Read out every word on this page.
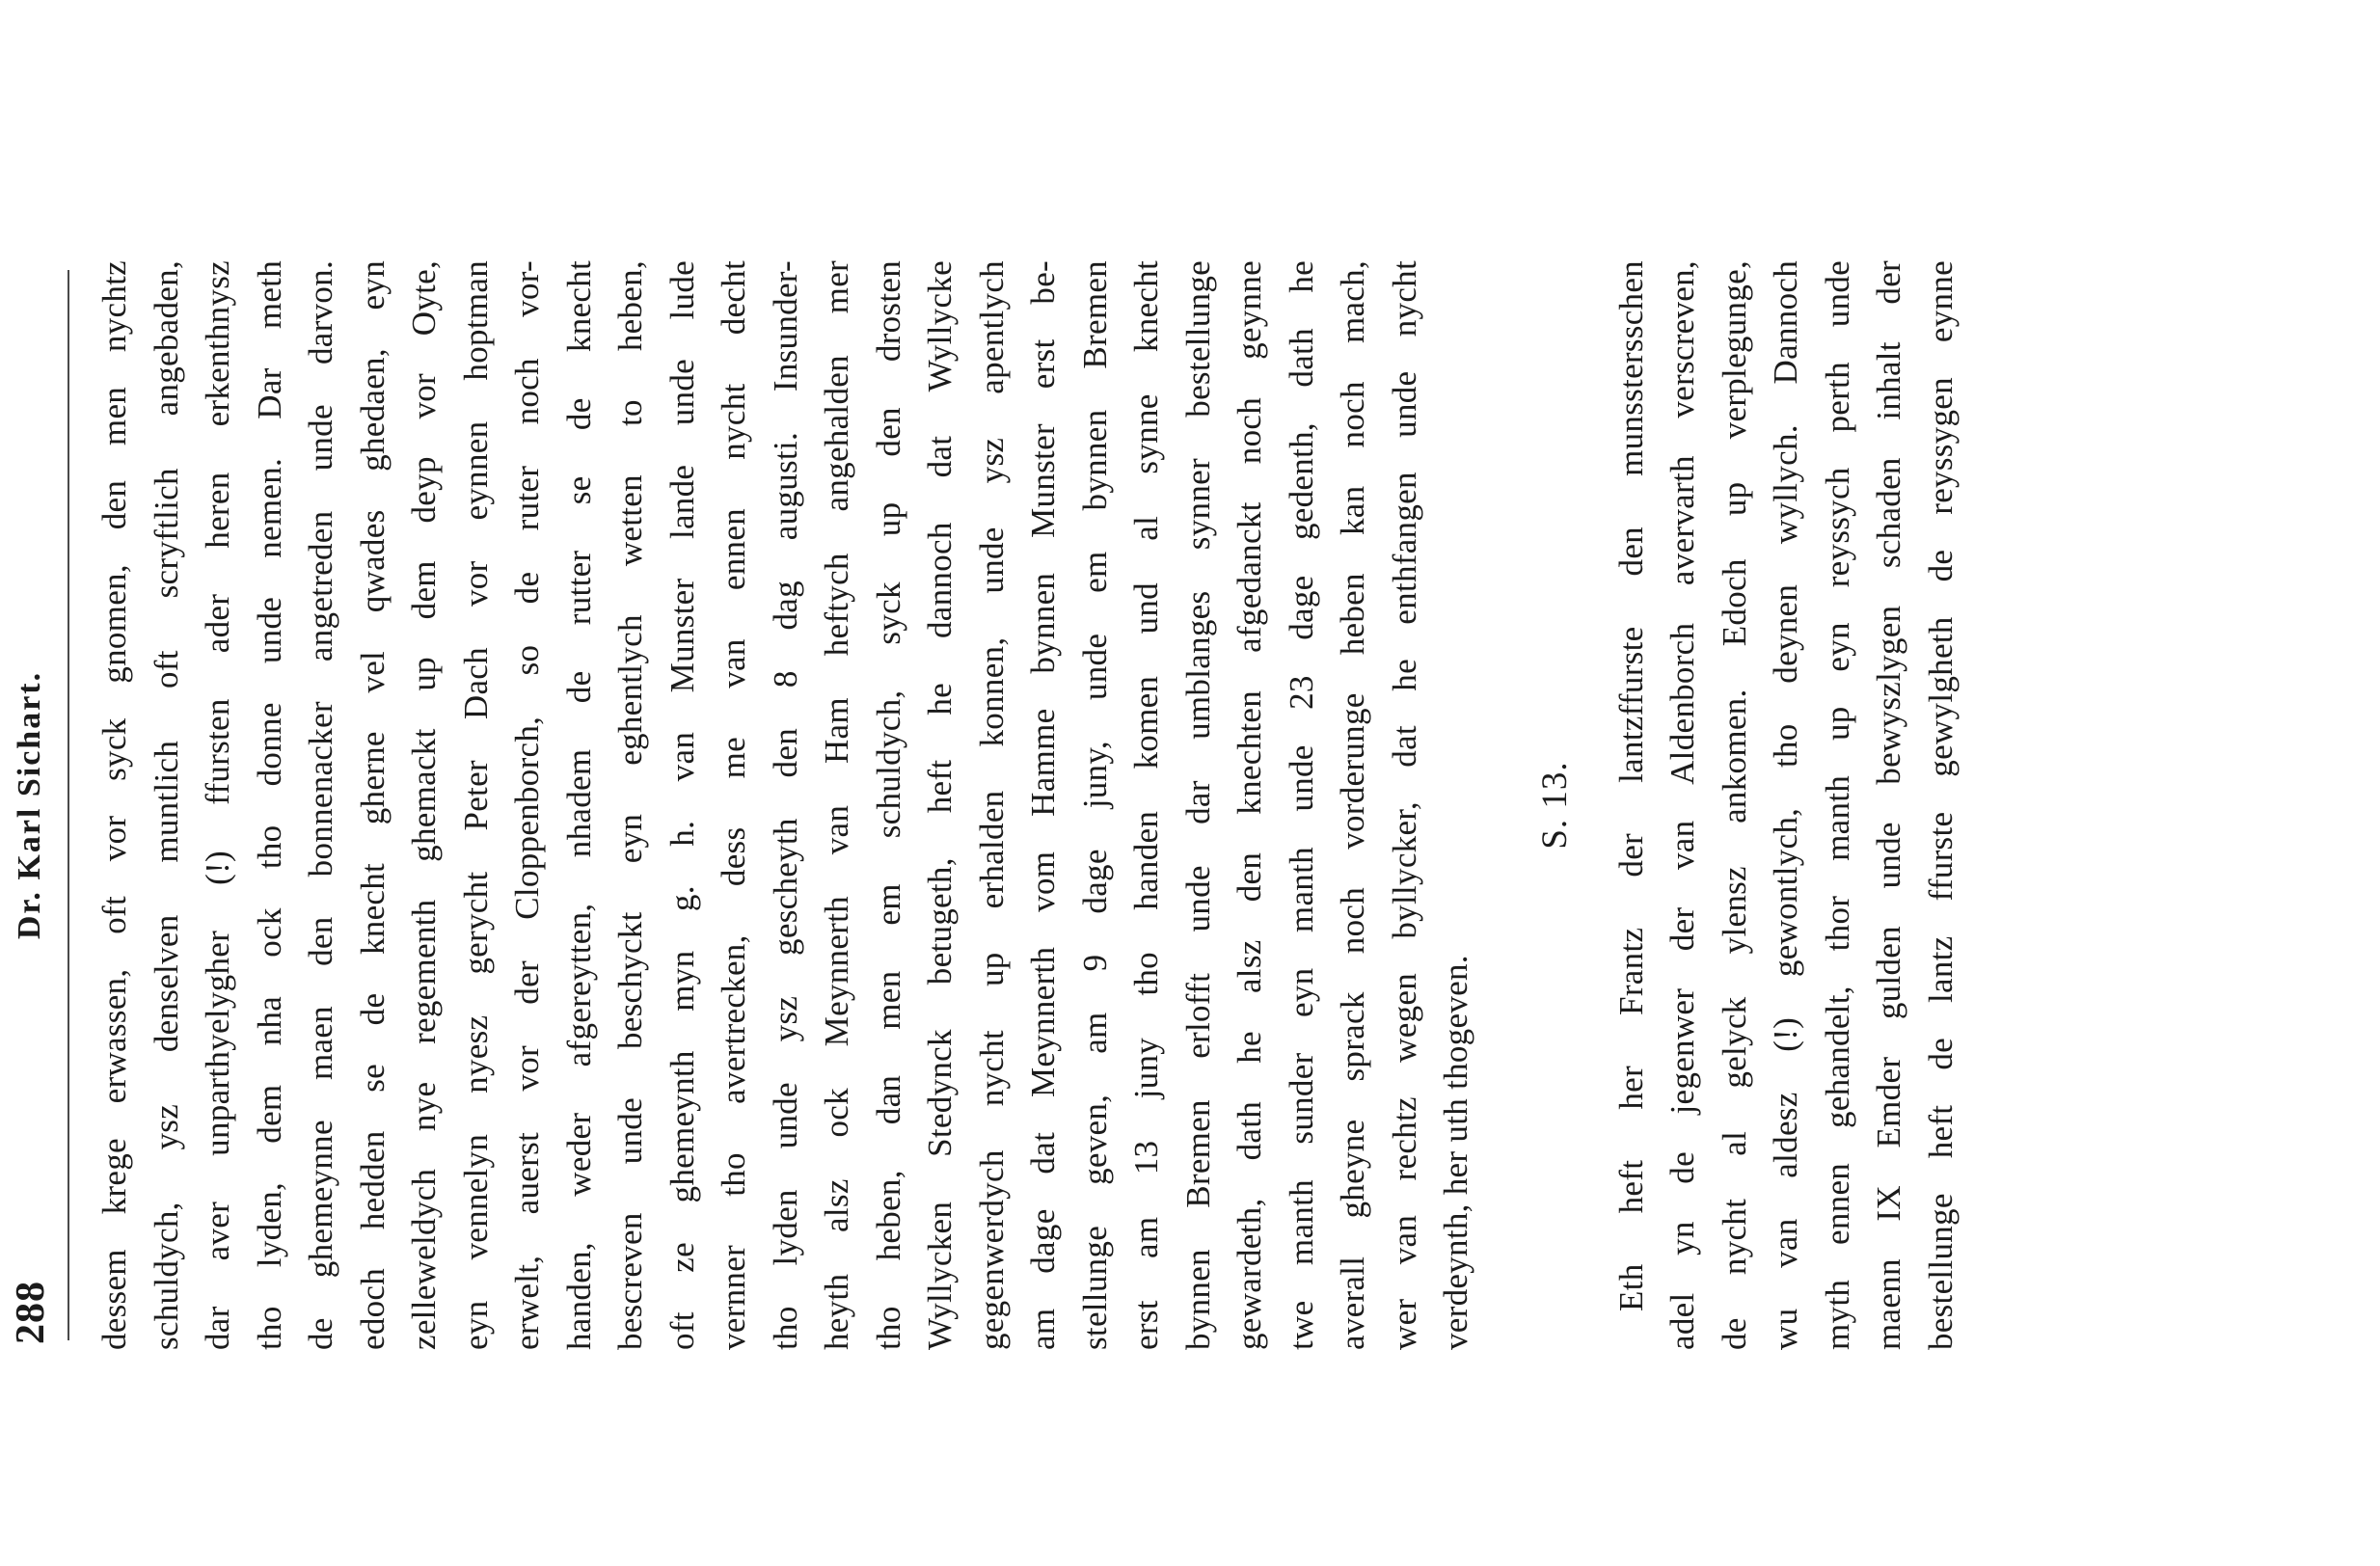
288
Dr. Karl Sichart. dessem krege erwassen, oft vor syck gnomen, den men nychtz schuldych, ysz denselven muntlich oft scryftlich angebaden, dar aver unparthyelygher (!) ffursten ader heren erkenthnysz tho lyden, dem nha ock tho donne unde nemen. Dar meth de ghemeynne maen den bonnenacker angetreden unde darvon. edoch hedden se de knecht gherne vel qwades ghedaen, eyn zelleweldych nye regementh ghemackt up dem deyp vor Oyte, eyn vennelyn nyesz gerycht Peter Dach vor eynnen hoptman erwelt, auerst vor der Cloppenborch, so de ruter noch vor- handen, weder afgereytten, nhadem de rutter se de knecht bescreven unde beschyckt eyn eghentlych wetten to heben, oft ze ghemeynth myn g. h. van Munster lande unde lude vernner tho avertrecken, dess me van ennen nycht decht tho lyden unde ysz gescheyth den 8 dag augusti. Insunder- heyth alsz ock Meynnerth van Ham heftych angehalden mer tho heben, dan men em schuldych, syck up den drosten Wyllycken Stedynck betugeth, heft he dannoch dat Wyllycke gegenwerdych nycht up erhalden konnen, unde ysz apentlych am dage dat Meynnerth vom Hamme bynnen Munster erst be- stellunge geven, am 9 dage juny, unde em bynnen Bremen erst am 13 juny tho handen komen und al synne knecht bynnen Bremen erlofft unde dar umblanges synner bestellunge gewardeth, dath he alsz den knechten afgedanckt noch geynne twe manth sunder eyn manth unde 23 dage gedenth, dath he averall gheyne sprack noch vorderunge heben kan noch mach, wer van rechtz wegen byllycker, dat he enthfangen unde nycht verdeynth, her uth thogeven.
S. 13.	Eth heft her Frantz der lantzffurste den munsstersschen adel yn de jegenwer der van Aldenborch avervarth verscreven, de nycht al gelyck ylensz ankomen. Edoch up verplegunge, wu van aldesz (!) gewontlych, tho deynen wyllych. Dannoch myth ennen gehandelt, thor manth up eyn reyssych perth unde maenn IX Emder gulden unde bewyszlygen schaden inhalt der bestellunge heft de lantz ffurste gewylgheth de reyssygen eynne
